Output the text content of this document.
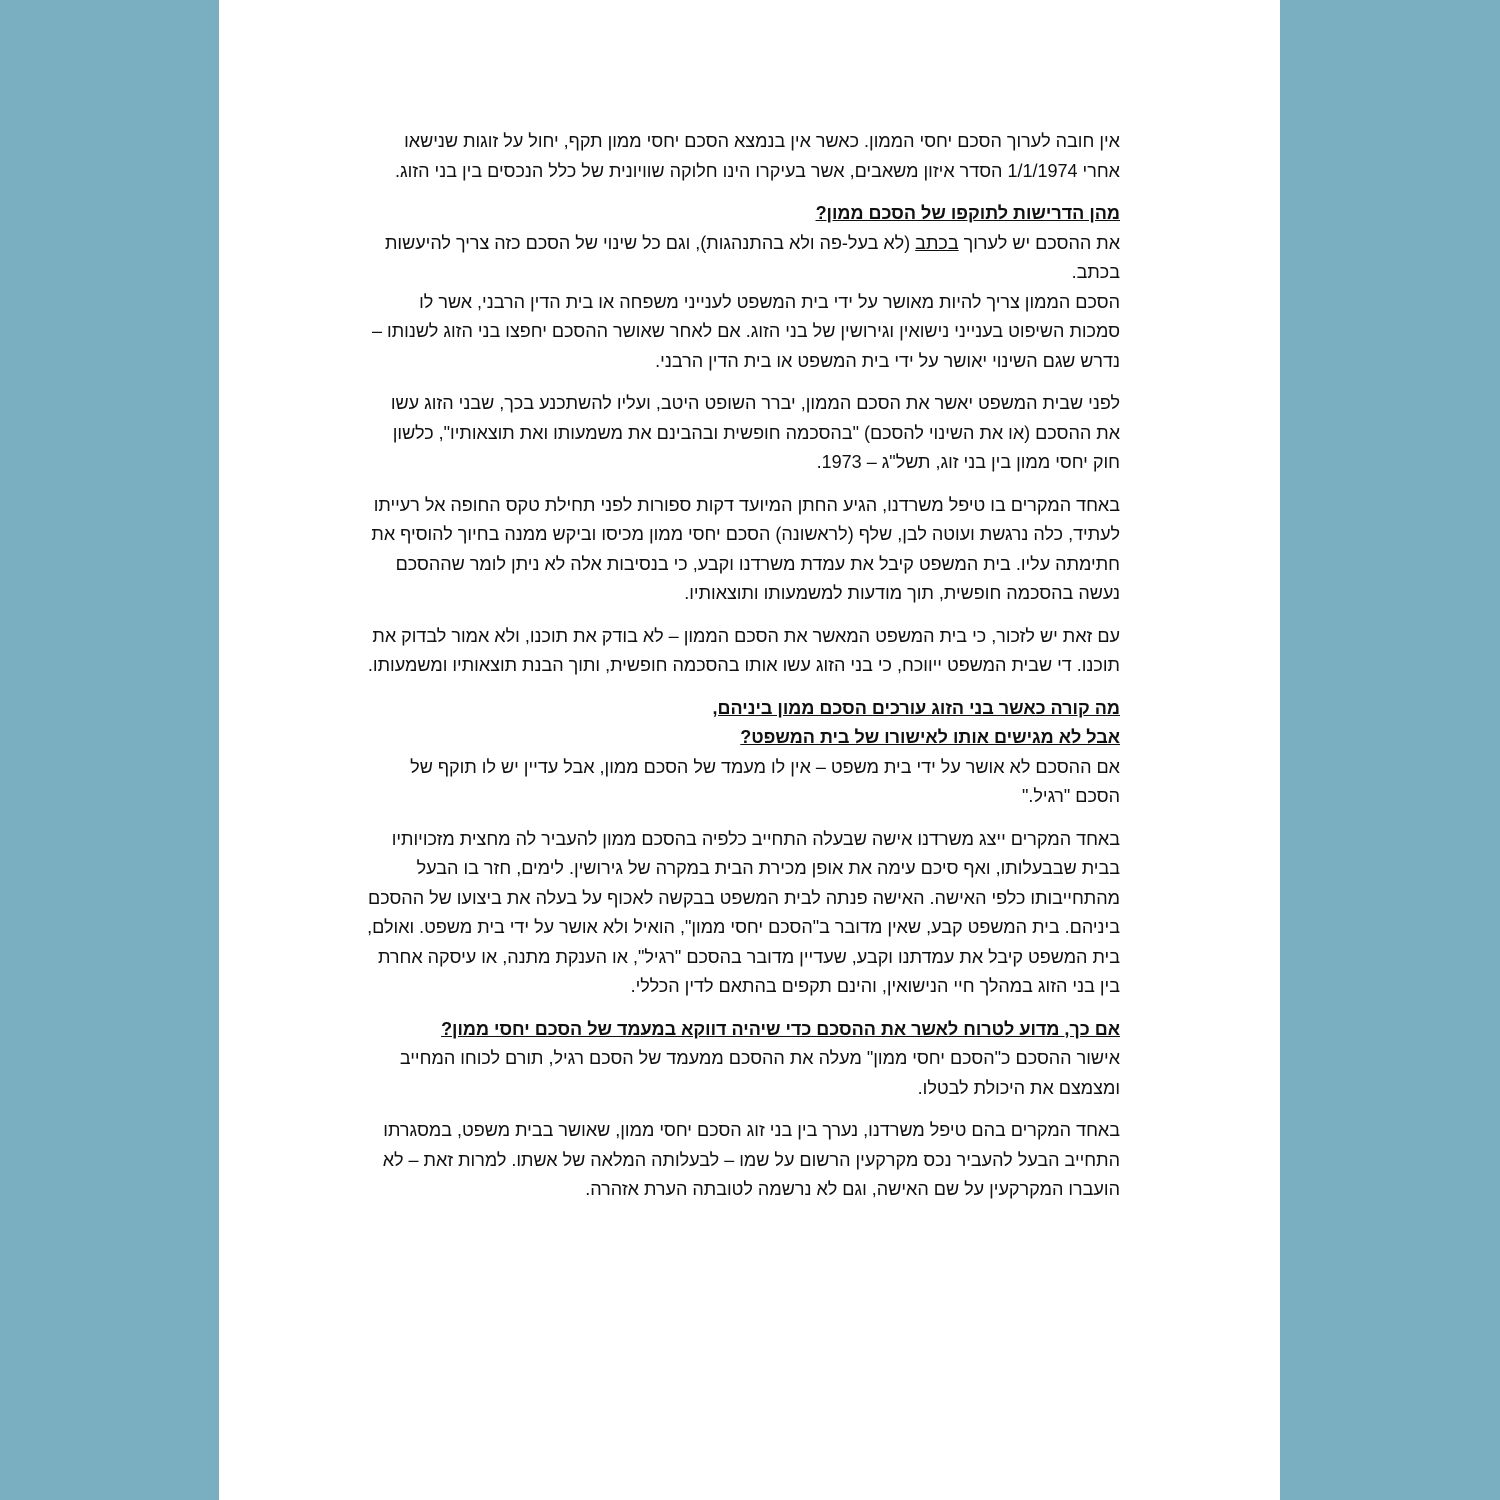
אין חובה לערוך הסכם יחסי הממון. כאשר אין בנמצא הסכם יחסי ממון תקף, יחול על זוגות שנישאו אחרי 1/1/1974 הסדר איזון משאבים, אשר בעיקרו הינו חלוקה שוויונית של כלל הנכסים בין בני הזוג.

מהן הדרישות לתוקפו של הסכם ממון?

את ההסכם יש לערוך בכתב (לא בעל-פה ולא בהתנהגות), וגם כל שינוי של הסכם כזה צריך להיעשות בכתב.

הסכם הממון צריך להיות מאושר על ידי בית המשפט לענייני משפחה או בית הדין הרבני, אשר לו סמכות השיפוט בענייני נישואין וגירושין של בני הזוג. אם לאחר שאושר ההסכם יחפצו בני הזוג לשנותו – נדרש שגם השינוי יאושר על ידי בית המשפט או בית הדין הרבני.

לפני שבית המשפט יאשר את הסכם הממון, יברר השופט היטב, ועליו להשתכנע בכך, שבני הזוג עשו את ההסכם (או את השינוי להסכם) "בהסכמה חופשית ובהבינם את משמעותו ואת תוצאותיו", כלשון חוק יחסי ממון בין בני זוג, תשל"ג – 1973.

באחד המקרים בו טיפל משרדנו, הגיע החתן המיועד דקות ספורות לפני תחילת טקס החופה אל רעייתו לעתיד, כלה נרגשת ועוטה לבן, שלף (לראשונה) הסכם יחסי ממון מכיסו וביקש ממנה בחיוך להוסיף את חתימתה עליו. בית המשפט קיבל את עמדת משרדנו וקבע, כי בנסיבות אלה לא ניתן לומר שההסכם נעשה בהסכמה חופשית, תוך מודעות למשמעותו ותוצאותיו.

עם זאת יש לזכור, כי בית המשפט המאשר את הסכם הממון – לא בודק את תוכנו, ולא אמור לבדוק את תוכנו. די שבית המשפט ייווכח, כי בני הזוג עשו אותו בהסכמה חופשית, ותוך הבנת תוצאותיו ומשמעותו.

מה קורה כאשר בני הזוג עורכים הסכם ממון ביניהם,
אבל לא מגישים אותו לאישורו של בית המשפט?

אם ההסכם לא אושר על ידי בית משפט – אין לו מעמד של הסכם ממון, אבל עדיין יש לו תוקף של הסכם "רגיל."

באחד המקרים ייצג משרדנו אישה שבעלה התחייב כלפיה בהסכם ממון להעביר לה מחצית מזכויותיו בבית שבבעלותו, ואף סיכם עימה את אופן מכירת הבית במקרה של גירושין. לימים, חזר בו הבעל מהתחייבותו כלפי האישה. האישה פנתה לבית המשפט בבקשה לאכוף על בעלה את ביצועו של ההסכם ביניהם. בית המשפט קבע, שאין מדובר ב"הסכם יחסי ממון", הואיל ולא אושר על ידי בית משפט. ואולם, בית המשפט קיבל את עמדתנו וקבע, שעדיין מדובר בהסכם "רגיל", או הענקת מתנה, או עיסקה אחרת בין בני הזוג במהלך חיי הנישואין, והינם תקפים בהתאם לדין הכללי.

אם כך, מדוע לטרוח לאשר את ההסכם כדי שיהיה דווקא במעמד של הסכם יחסי ממון?

אישור ההסכם כ"הסכם יחסי ממון" מעלה את ההסכם ממעמד של הסכם רגיל, תורם לכוחו המחייב ומצמצם את היכולת לבטלו.

באחד המקרים בהם טיפל משרדנו, נערך בין בני זוג הסכם יחסי ממון, שאושר בבית משפט, במסגרתו התחייב הבעל להעביר נכס מקרקעין הרשום על שמו – לבעלותה המלאה של אשתו. למרות זאת – לא הועברו המקרקעין על שם האישה, וגם לא נרשמה לטובתה הערת אזהרה.
